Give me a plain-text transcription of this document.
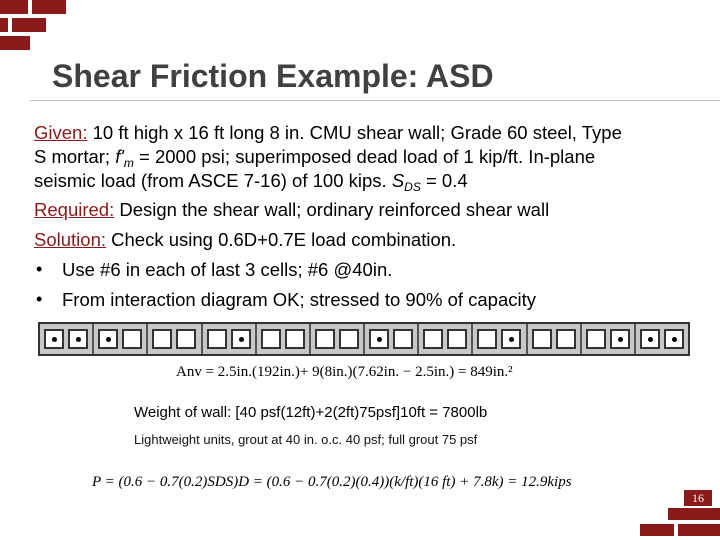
Shear Friction Example: ASD
Given: 10 ft high x 16 ft long 8 in. CMU shear wall; Grade 60 steel, Type
S mortar; $f'_m = 2000$ psi; superimposed dead load of 1 kip/ft. In-plane
seismic load (from ASCE 7-16) of 100 kips. $S_{DS} = 0.4$
Required: Design the shear wall; ordinary reinforced shear wall
Solution: Check using 0.6D+0.7E load combination.
• Use #6 in each of last 3 cells; #6 @40in.
• From interaction diagram OK; stressed to 90% of capacity
Anv = 2.5in.(192in.)+ 9(8in.)(7.62in. − 2.5in.) = 849in.²
Weight of wall: [40 psf(12ft)+2(2ft)75psf]10ft = 7800lb
Lightweight units, grout at 40 in. o.c. 40 psf; full grout 75 psf
P = (0.6 − 0.7(0.2)SDS)D = (0.6 − 0.7(0.2)(0.4))(k/ft)(16 ft) + 7.8k) = 12.9kips
16
